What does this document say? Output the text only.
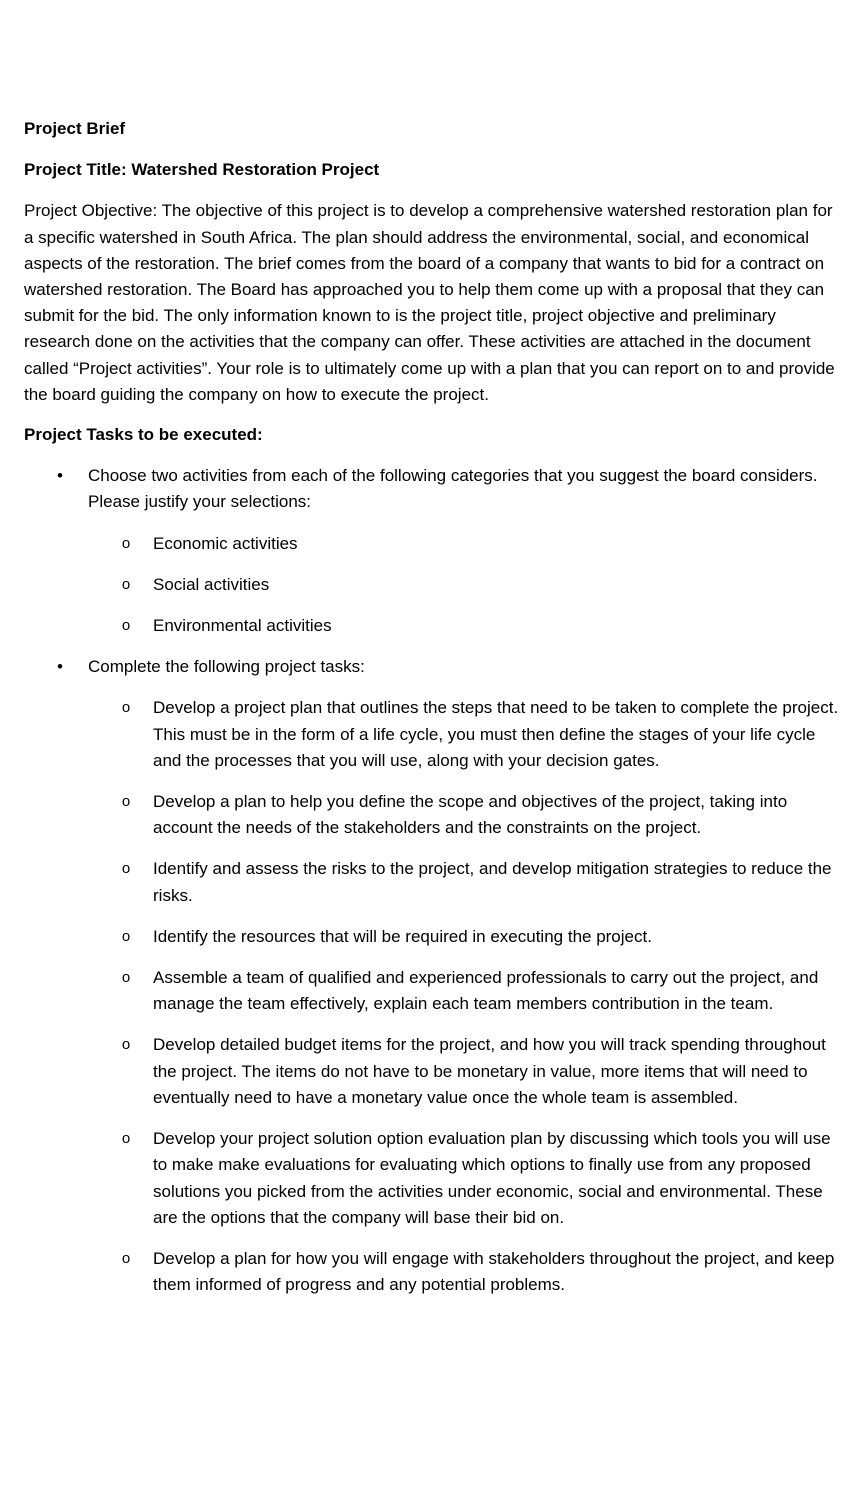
Project Brief
Project Title: Watershed Restoration Project
Project Objective: The objective of this project is to develop a comprehensive watershed restoration plan for a specific watershed in South Africa. The plan should address the environmental, social, and economical aspects of the restoration. The brief comes from the board of a company that wants to bid for a contract on watershed restoration. The Board has approached you to help them come up with a proposal that they can submit for the bid. The only information known to is the project title, project objective and preliminary research done on the activities that the company can offer. These activities are attached in the document called “Project activities”. Your role is to ultimately come up with a plan that you can report on to and provide the board guiding the company on how to execute the project.
Project Tasks to be executed:
• Choose two activities from each of the following categories that you suggest the board considers. Please justify your selections:
o Economic activities
o Social activities
o Environmental activities
• Complete the following project tasks:
o Develop a project plan that outlines the steps that need to be taken to complete the project. This must be in the form of a life cycle, you must then define the stages of your life cycle and the processes that you will use, along with your decision gates.
o Develop a plan to help you define the scope and objectives of the project, taking into account the needs of the stakeholders and the constraints on the project.
o Identify and assess the risks to the project, and develop mitigation strategies to reduce the risks.
o Identify the resources that will be required in executing the project.
o Assemble a team of qualified and experienced professionals to carry out the project, and manage the team effectively, explain each team members contribution in the team.
o Develop detailed budget items for the project, and how you will track spending throughout the project. The items do not have to be monetary in value, more items that will need to eventually need to have a monetary value once the whole team is assembled.
o Develop your project solution option evaluation plan by discussing which tools you will use to make make evaluations for evaluating which options to finally use from any proposed solutions you picked from the activities under economic, social and environmental. These are the options that the company will base their bid on.
o Develop a plan for how you will engage with stakeholders throughout the project, and keep them informed of progress and any potential problems.
